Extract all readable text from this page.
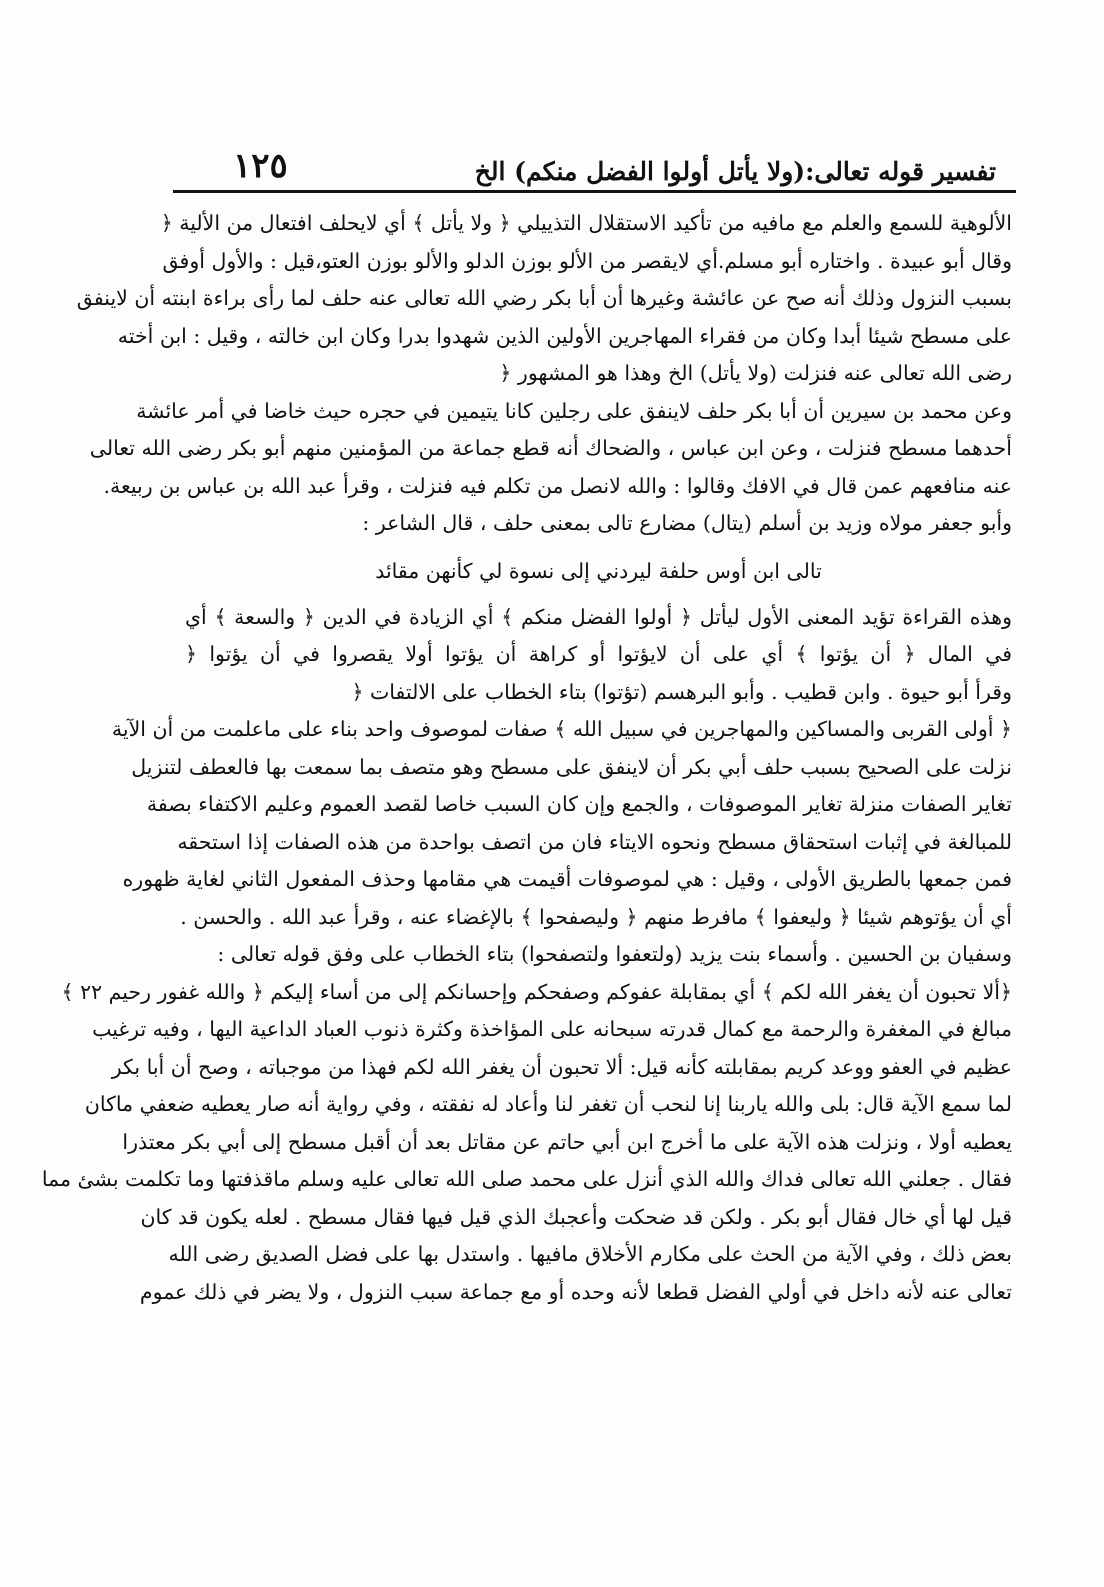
تفسير قوله تعالى:(ولا يأتل أولوا الفضل منكم) الخ
١٢٥
الألوهية للسمع والعلم مع مافيه من تأكيد الاستقلال التذييلي ﴿ ولا يأتل ﴾ أي لايحلف افتعال من الألية ﴿
وقال أبو عبيدة . واختاره أبو مسلم.أي لايقصر من الألو بوزن الدلو والألو بوزن العتو،قيل : والأول أوفق
بسبب النزول وذلك أنه صح عن عائشة وغيرها أن أبا بكر رضي الله تعالى عنه حلف لما رأى براءة ابنته أن لاينفق
على مسطح شيئا أبدا وكان من فقراء المهاجرين الأولين الذين شهدوا بدرا وكان ابن خالته ، وقيل : ابن أخته
رضى الله تعالى عنه فنزلت (ولا يأتل) الخ وهذا هو المشهور ﴿
وعن محمد بن سيرين أن أبا بكر حلف لاينفق على رجلين كانا يتيمين في حجره حيث خاضا في أمر عائشة
أحدهما مسطح فنزلت ، وعن ابن عباس ، والضحاك أنه قطع جماعة من المؤمنين منهم أبو بكر رضى الله تعالى
عنه منافعهم عمن قال في الافك وقالوا : والله لانصل من تكلم فيه فنزلت ، وقرأ عبد الله بن عباس بن ربيعة.
وأبو جعفر مولاه وزيد بن أسلم (يتال) مضارع تالى بمعنى حلف ، قال الشاعر :
تالى ابن أوس حلفة ليردني إلى نسوة لي كأنهن مقائد
وهذه القراءة تؤيد المعنى الأول ليأتل ﴿ أولوا الفضل منكم ﴾ أي الزيادة في الدين ﴿ والسعة ﴾ أي
في المال ﴿ أن يؤتوا ﴾ أي على أن لايؤتوا أو كراهة أن يؤتوا أولا يقصروا في أن يؤتوا ﴿
وقرأ أبو حيوة . وابن قطيب . وأبو البرهسم (تؤتوا) بتاء الخطاب على الالتفات ﴿
﴿ أولى القربى والمساكين والمهاجرين في سبيل الله ﴾ صفات لموصوف واحد بناء على ماعلمت من أن الآية
نزلت على الصحيح بسبب حلف أبي بكر أن لاينفق على مسطح وهو متصف بما سمعت بها فالعطف لتنزيل
تغاير الصفات منزلة تغاير الموصوفات ، والجمع وإن كان السبب خاصا لقصد العموم وعليم الاكتفاء بصفة
للمبالغة في إثبات استحقاق مسطح ونحوه الايتاء فان من اتصف بواحدة من هذه الصفات إذا استحقه
فمن جمعها بالطريق الأولى ، وقيل : هي لموصوفات أقيمت هي مقامها وحذف المفعول الثاني لغاية ظهوره
أي أن يؤتوهم شيئا ﴿ وليعفوا ﴾ مافرط منهم ﴿ وليصفحوا ﴾ بالإغضاء عنه ، وقرأ عبد الله . والحسن .
وسفيان بن الحسين . وأسماء بنت يزيد (ولتعفوا ولتصفحوا) بتاء الخطاب على وفق قوله تعالى :
﴿ألا تحبون أن يغفر الله لكم ﴾ أي بمقابلة عفوكم وصفحكم وإحسانكم إلى من أساء إليكم ﴿ والله غفور رحيم ٢٢ ﴾
مبالغ في المغفرة والرحمة مع كمال قدرته سبحانه على المؤاخذة وكثرة ذنوب العباد الداعية اليها ، وفيه ترغيب
عظيم في العفو ووعد كريم بمقابلته كأنه قيل: ألا تحبون أن يغفر الله لكم فهذا من موجباته ، وصح أن أبا بكر
لما سمع الآية قال: بلى والله ياربنا إنا لنحب أن تغفر لنا وأعاد له نفقته ، وفي رواية أنه صار يعطيه ضعفي ماكان
يعطيه أولا ، ونزلت هذه الآية على ما أخرج ابن أبي حاتم عن مقاتل بعد أن أقبل مسطح إلى أبي بكر معتذرا
فقال . جعلني الله تعالى فداك والله الذي أنزل على محمد صلى الله تعالى عليه وسلم ماقذفتها وما تكلمت بشئ مما
قيل لها أي خال فقال أبو بكر . ولكن قد ضحكت وأعجبك الذي قيل فيها فقال مسطح . لعله يكون قد كان
بعض ذلك ، وفي الآية من الحث على مكارم الأخلاق مافيها . واستدل بها على فضل الصديق رضى الله
تعالى عنه لأنه داخل في أولي الفضل قطعا لأنه وحده أو مع جماعة سبب النزول ، ولا يضر في ذلك عموم
